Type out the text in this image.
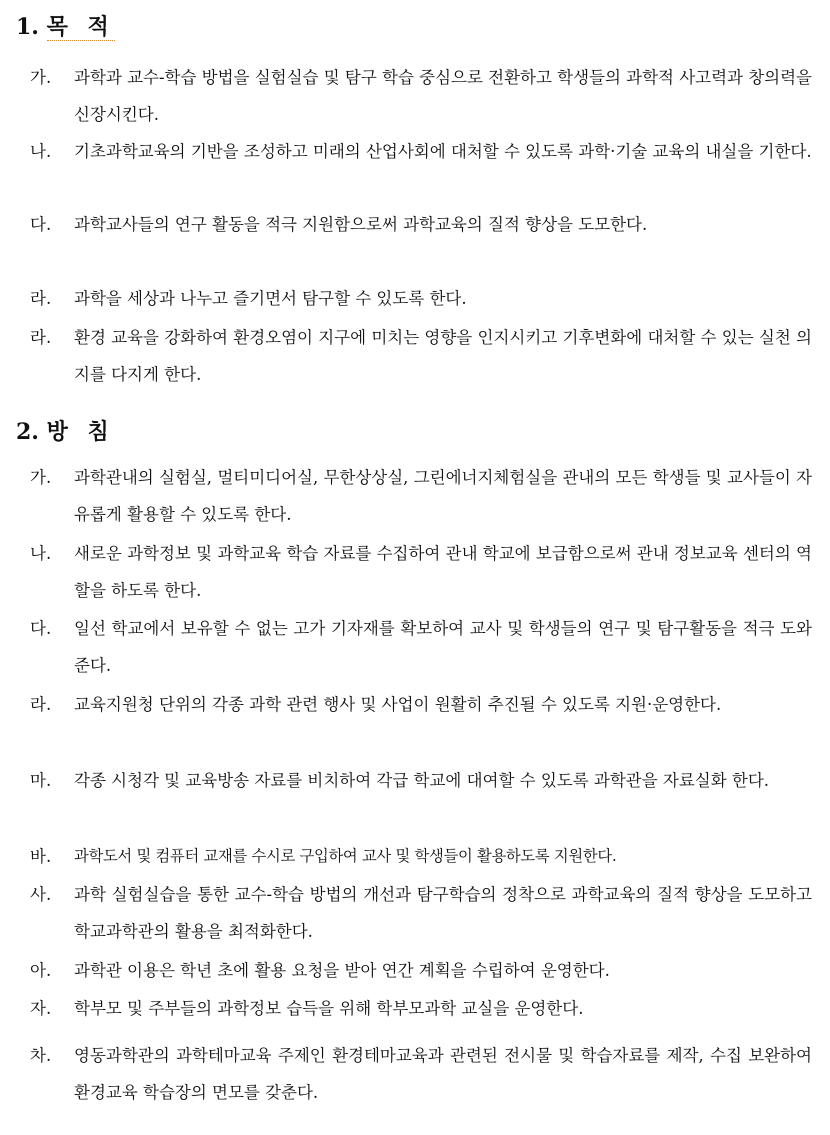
1. 목 적
가. 과학과 교수-학습 방법을 실험실습 및 탐구 학습 중심으로 전환하고 학생들의 과학적 사고력과 창의력을 신장시킨다.
나. 기초과학교육의 기반을 조성하고 미래의 산업사회에 대처할 수 있도록 과학·기술 교육의 내실을 기한다.
다. 과학교사들의 연구 활동을 적극 지원함으로써 과학교육의 질적 향상을 도모한다.
라. 과학을 세상과 나누고 즐기면서 탐구할 수 있도록 한다.
라. 환경 교육을 강화하여 환경오염이 지구에 미치는 영향을 인지시키고 기후변화에 대처할 수 있는 실천 의지를 다지게 한다.
2. 방 침
가. 과학관내의 실험실, 멀티미디어실, 무한상상실, 그린에너지체험실을 관내의 모든 학생들 및 교사들이 자유롭게 활용할 수 있도록 한다.
나. 새로운 과학정보 및 과학교육 학습 자료를 수집하여 관내 학교에 보급함으로써 관내 정보교육 센터의 역할을 하도록 한다.
다. 일선 학교에서 보유할 수 없는 고가 기자재를 확보하여 교사 및 학생들의 연구 및 탐구활동을 적극 도와준다.
라. 교육지원청 단위의 각종 과학 관련 행사 및 사업이 원활히 추진될 수 있도록 지원·운영한다.
마. 각종 시청각 및 교육방송 자료를 비치하여 각급 학교에 대여할 수 있도록 과학관을 자료실화 한다.
바. 과학도서 및 컴퓨터 교재를 수시로 구입하여 교사 및 학생들이 활용하도록 지원한다.
사. 과학 실험실습을 통한 교수-학습 방법의 개선과 탐구학습의 정착으로 과학교육의 질적 향상을 도모하고 학교과학관의 활용을 최적화한다.
아. 과학관 이용은 학년 초에 활용 요청을 받아 연간 계획을 수립하여 운영한다.
자. 학부모 및 주부들의 과학정보 습득을 위해 학부모과학 교실을 운영한다.
차. 영동과학관의 과학테마교육 주제인 환경테마교육과 관련된 전시물 및 학습자료를 제작, 수집 보완하여 환경교육 학습장의 면모를 갖춘다.
